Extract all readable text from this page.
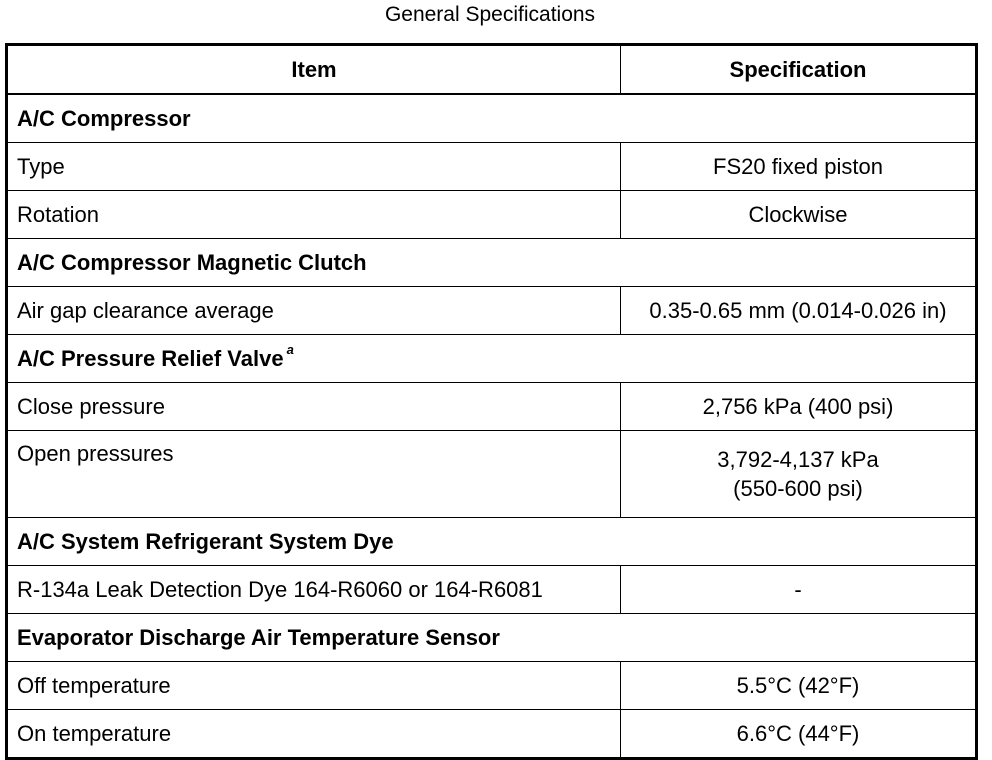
General Specifications
Item	Specification
A/C Compressor	
Type	FS20 fixed piston
Rotation	Clockwise
A/C Compressor Magnetic Clutch	
Air gap clearance average	0.35-0.65 mm (0.014-0.026 in)
A/C Pressure Relief Valve $^a$
Close pressure	2,756 kPa (400 psi)
Open pressures	3,792-4,137 kPa
(550-600 psi)

A/C System Refrigerant System Dye	
R-134a Leak Detection Dye 164-R6060 or 164-R6081	-
Evaporator Discharge Air Temperature Sensor	
Off temperature	5.5°C (42°F)
On temperature	6.6°C (44°F)
